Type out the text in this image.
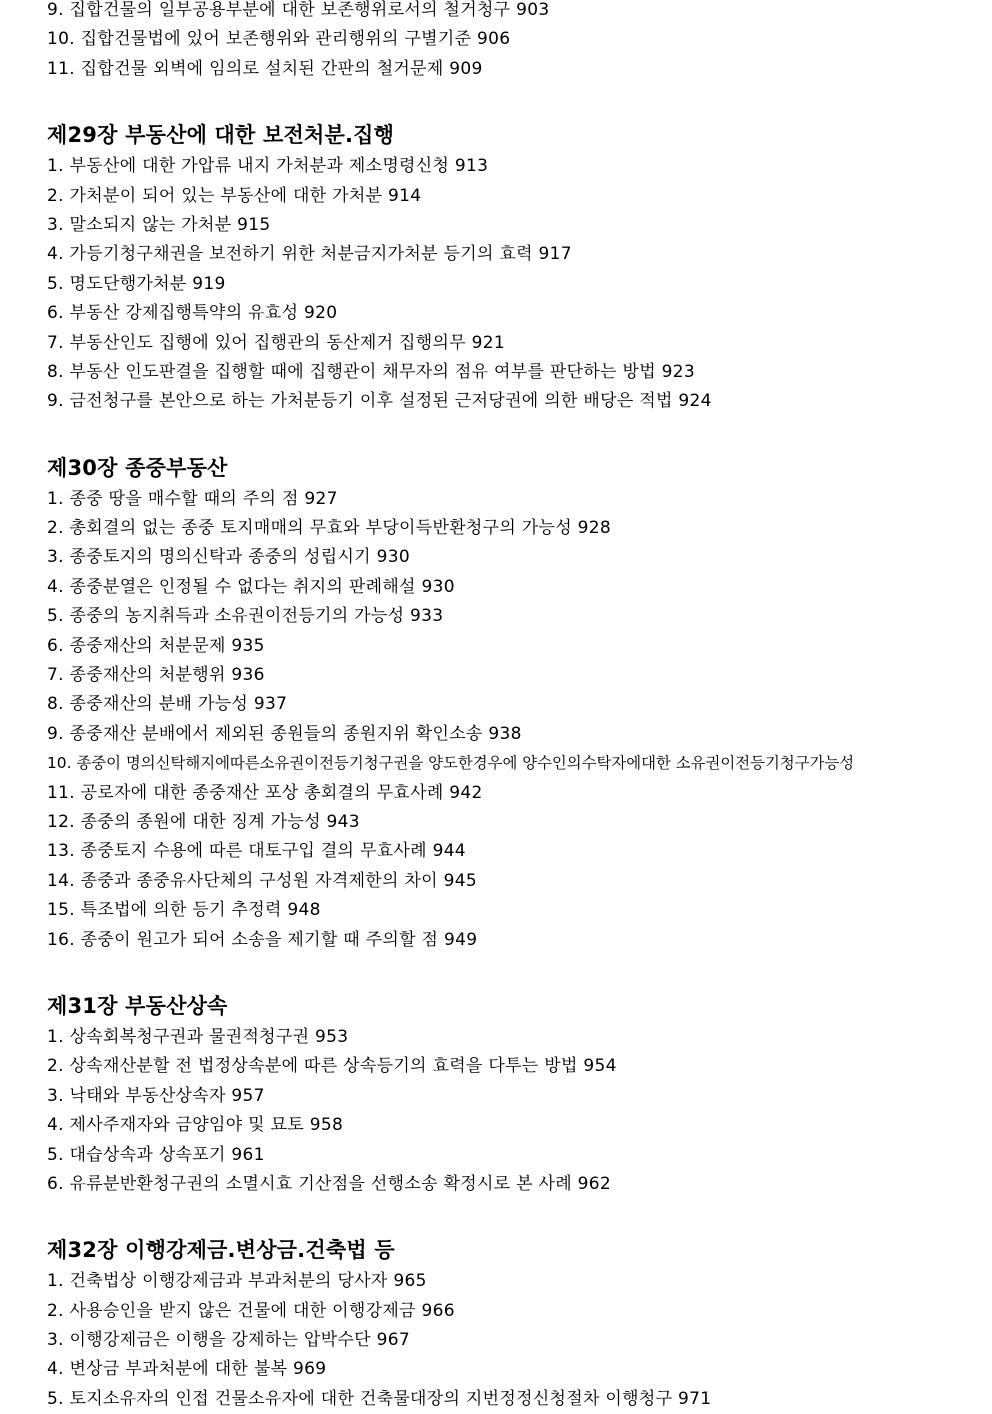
9. 집합건물의 일부공용부분에 대한 보존행위로서의 철거청구 903
10. 집합건물법에 있어 보존행위와 관리행위의 구별기준 906
11. 집합건물 외벽에 임의로 설치된 간판의 철거문제 909
제29장 부동산에 대한 보전처분.집행
1. 부동산에 대한 가압류 내지 가처분과 제소명령신청 913
2. 가처분이 되어 있는 부동산에 대한 가처분 914
3. 말소되지 않는 가처분 915
4. 가등기청구채권을 보전하기 위한 처분금지가처분 등기의 효력 917
5. 명도단행가처분 919
6. 부동산 강제집행특약의 유효성 920
7. 부동산인도 집행에 있어 집행관의 동산제거 집행의무 921
8. 부동산 인도판결을 집행할 때에 집행관이 채무자의 점유 여부를 판단하는 방법 923
9. 금전청구를 본안으로 하는 가처분등기 이후 설정된 근저당권에 의한 배당은 적법 924
제30장 종중부동산
1. 종중 땅을 매수할 때의 주의 점 927
2. 총회결의 없는 종중 토지매매의 무효와 부당이득반환청구의 가능성 928
3. 종중토지의 명의신탁과 종중의 성립시기 930
4. 종중분열은 인정될 수 없다는 취지의 판례해설 930
5. 종중의 농지취득과 소유권이전등기의 가능성 933
6. 종중재산의 처분문제 935
7. 종중재산의 처분행위 936
8. 종중재산의 분배 가능성 937
9. 종중재산 분배에서 제외된 종원들의 종원지위 확인소송 938
10. 종중이 명의신탁해지에따른소유권이전등기청구권을 양도한경우에 양수인의수탁자에대한 소유권이전등기청구가능성
11. 공로자에 대한 종중재산 포상 총회결의 무효사례 942
12. 종중의 종원에 대한 징계 가능성 943
13. 종중토지 수용에 따른 대토구입 결의 무효사례 944
14. 종중과 종중유사단체의 구성원 자격제한의 차이 945
15. 특조법에 의한 등기 추정력 948
16. 종중이 원고가 되어 소송을 제기할 때 주의할 점 949
제31장 부동산상속
1. 상속회복청구권과 물권적청구권 953
2. 상속재산분할 전 법정상속분에 따른 상속등기의 효력을 다투는 방법 954
3. 낙태와 부동산상속자 957
4. 제사주재자와 금양임야 및 묘토 958
5. 대습상속과 상속포기 961
6. 유류분반환청구권의 소멸시효 기산점을 선행소송 확정시로 본 사례 962
제32장 이행강제금.변상금.건축법 등
1. 건축법상 이행강제금과 부과처분의 당사자 965
2. 사용승인을 받지 않은 건물에 대한 이행강제금 966
3. 이행강제금은 이행을 강제하는 압박수단 967
4. 변상금 부과처분에 대한 불복 969
5. 토지소유자의 인접 건물소유자에 대한 건축물대장의 지번정정신청절차 이행청구 971
